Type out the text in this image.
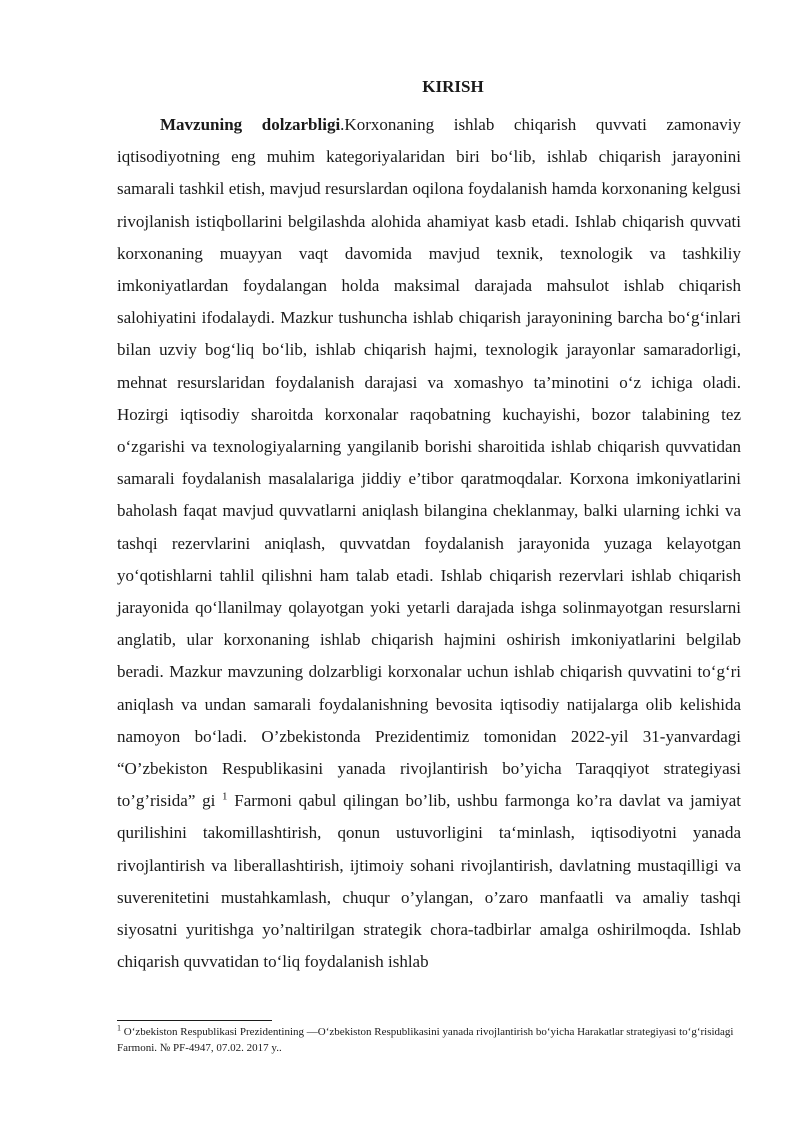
KIRISH

Mavzuning dolzarbligi.Korxonaning ishlab chiqarish quvvati zamonaviy iqtisodiyotning eng muhim kategoriyalaridan biri bo‘lib, ishlab chiqarish jarayonini samarali tashkil etish, mavjud resurslardan oqilona foydalanish hamda korxonaning kelgusi rivojlanish istiqbollarini belgilashda alohida ahamiyat kasb etadi. Ishlab chiqarish quvvati korxonaning muayyan vaqt davomida mavjud texnik, texnologik va tashkiliy imkoniyatlardan foydalangan holda maksimal darajada mahsulot ishlab chiqarish salohiyatini ifodalaydi. Mazkur tushuncha ishlab chiqarish jarayonining barcha bo‘g‘inlari bilan uzviy bog‘liq bo‘lib, ishlab chiqarish hajmi, texnologik jarayonlar samaradorligi, mehnat resurslaridan foydalanish darajasi va xomashyo ta’minotini o‘z ichiga oladi. Hozirgi iqtisodiy sharoitda korxonalar raqobatning kuchayishi, bozor talabining tez o‘zgarishi va texnologiyalarning yangilanib borishi sharoitida ishlab chiqarish quvvatidan samarali foydalanish masalalariga jiddiy e’tibor qaratmoqdalar. Korxona imkoniyatlarini baholash faqat mavjud quvvatlarni aniqlash bilangina cheklanmay, balki ularning ichki va tashqi rezervlarini aniqlash, quvvatdan foydalanish jarayonida yuzaga kelayotgan yo‘qotishlarni tahlil qilishni ham talab etadi. Ishlab chiqarish rezervlari ishlab chiqarish jarayonida qo‘llanilmay qolayotgan yoki yetarli darajada ishga solinmayotgan resurslarni anglatib, ular korxonaning ishlab chiqarish hajmini oshirish imkoniyatlarini belgilab beradi. Mazkur mavzuning dolzarbligi korxonalar uchun ishlab chiqarish quvvatini to‘g‘ri aniqlash va undan samarali foydalanishning bevosita iqtisodiy natijalarga olib kelishida namoyon bo‘ladi. O’zbekistonda Prezidentimiz tomonidan 2022-yil 31-yanvardagi “O’zbekiston Respublikasini yanada rivojlantirish bo’yicha Taraqqiyot strategiyasi to’g’risida” gi $^1$ Farmoni qabul qilingan bo’lib, ushbu farmonga ko’ra davlat va jamiyat qurilishini takomillashtirish, qonun ustuvorligini ta‘minlash, iqtisodiyotni yanada rivojlantirish va liberallashtirish, ijtimoiy sohani rivojlantirish, davlatning mustaqilligi va suverenitetini mustahkamlash, chuqur o’ylangan, o’zaro manfaatli va amaliy tashqi siyosatni yuritishga yo’naltirilgan strategik chora-tadbirlar amalga oshirilmoqda. Ishlab chiqarish quvvatidan to‘liq foydalanish ishlab

$^1$ O‘zbekiston Respublikasi Prezidentining ―O‘zbekiston Respublikasini yanada rivojlantirish bo‘yicha Harakatlar strategiyasi to‘g‘risidagi Farmoni. № PF-4947, 07.02. 2017 y..
